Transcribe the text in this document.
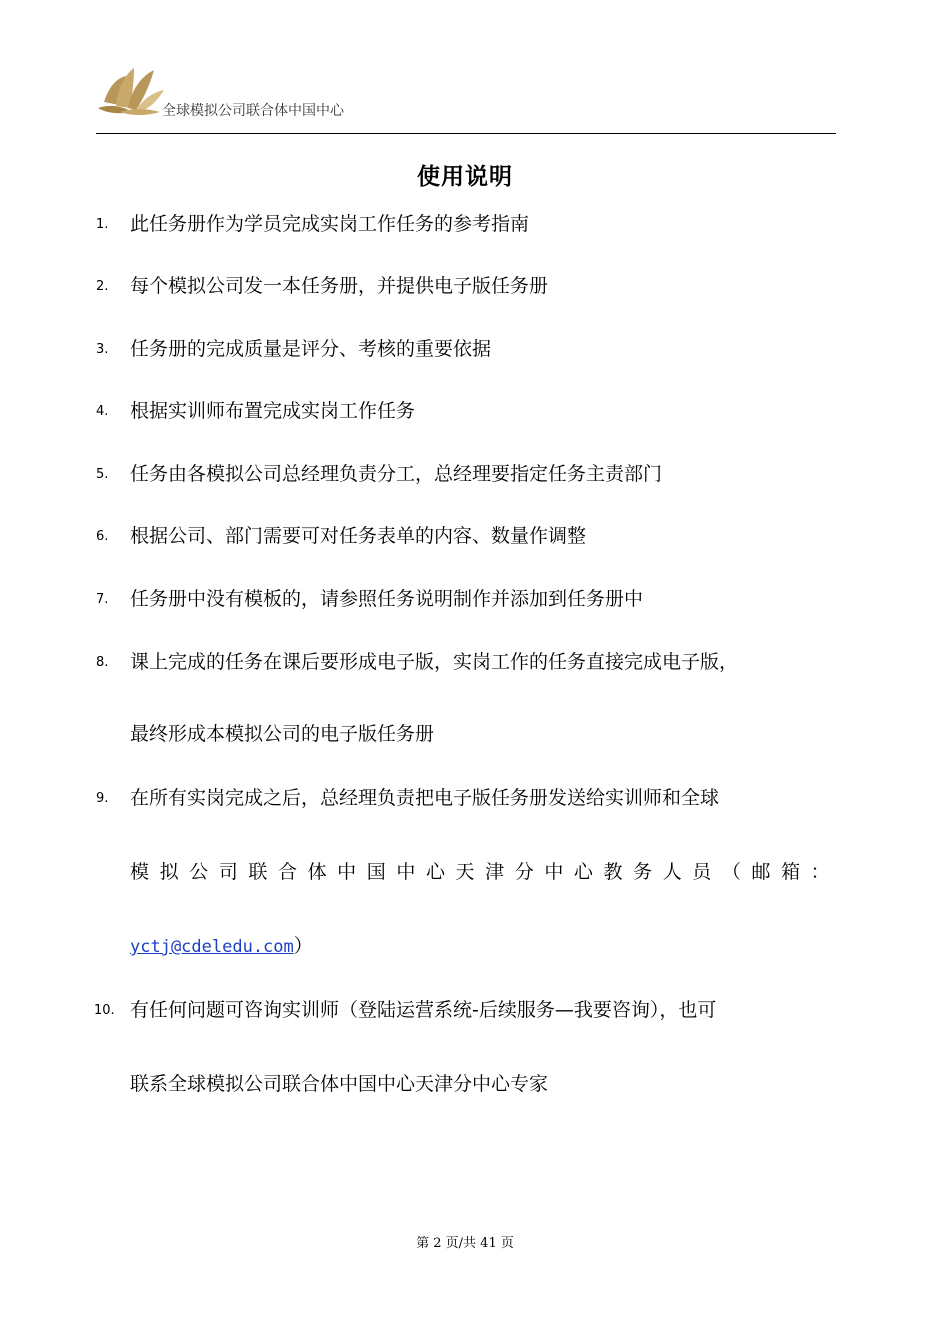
全球模拟公司联合体中国中心
使用说明
1. 此任务册作为学员完成实岗工作任务的参考指南
2. 每个模拟公司发一本任务册，并提供电子版任务册
3. 任务册的完成质量是评分、考核的重要依据
4. 根据实训师布置完成实岗工作任务
5. 任务由各模拟公司总经理负责分工，总经理要指定任务主责部门
6. 根据公司、部门需要可对任务表单的内容、数量作调整
7. 任务册中没有模板的，请参照任务说明制作并添加到任务册中
8. 课上完成的任务在课后要形成电子版，实岗工作的任务直接完成电子版，
最终形成本模拟公司的电子版任务册
9. 在所有实岗完成之后，总经理负责把电子版任务册发送给实训师和全球
模 拟 公 司 联 合 体 中 国 中 心 天 津 分 中 心 教 务 人 员 （ 邮 箱 ：
yctj@cdeledu.com）
10. 有任何问题可咨询实训师（登陆运营系统-后续服务—我要咨询），也可
联系全球模拟公司联合体中国中心天津分中心专家
第 2 页/共 41 页
